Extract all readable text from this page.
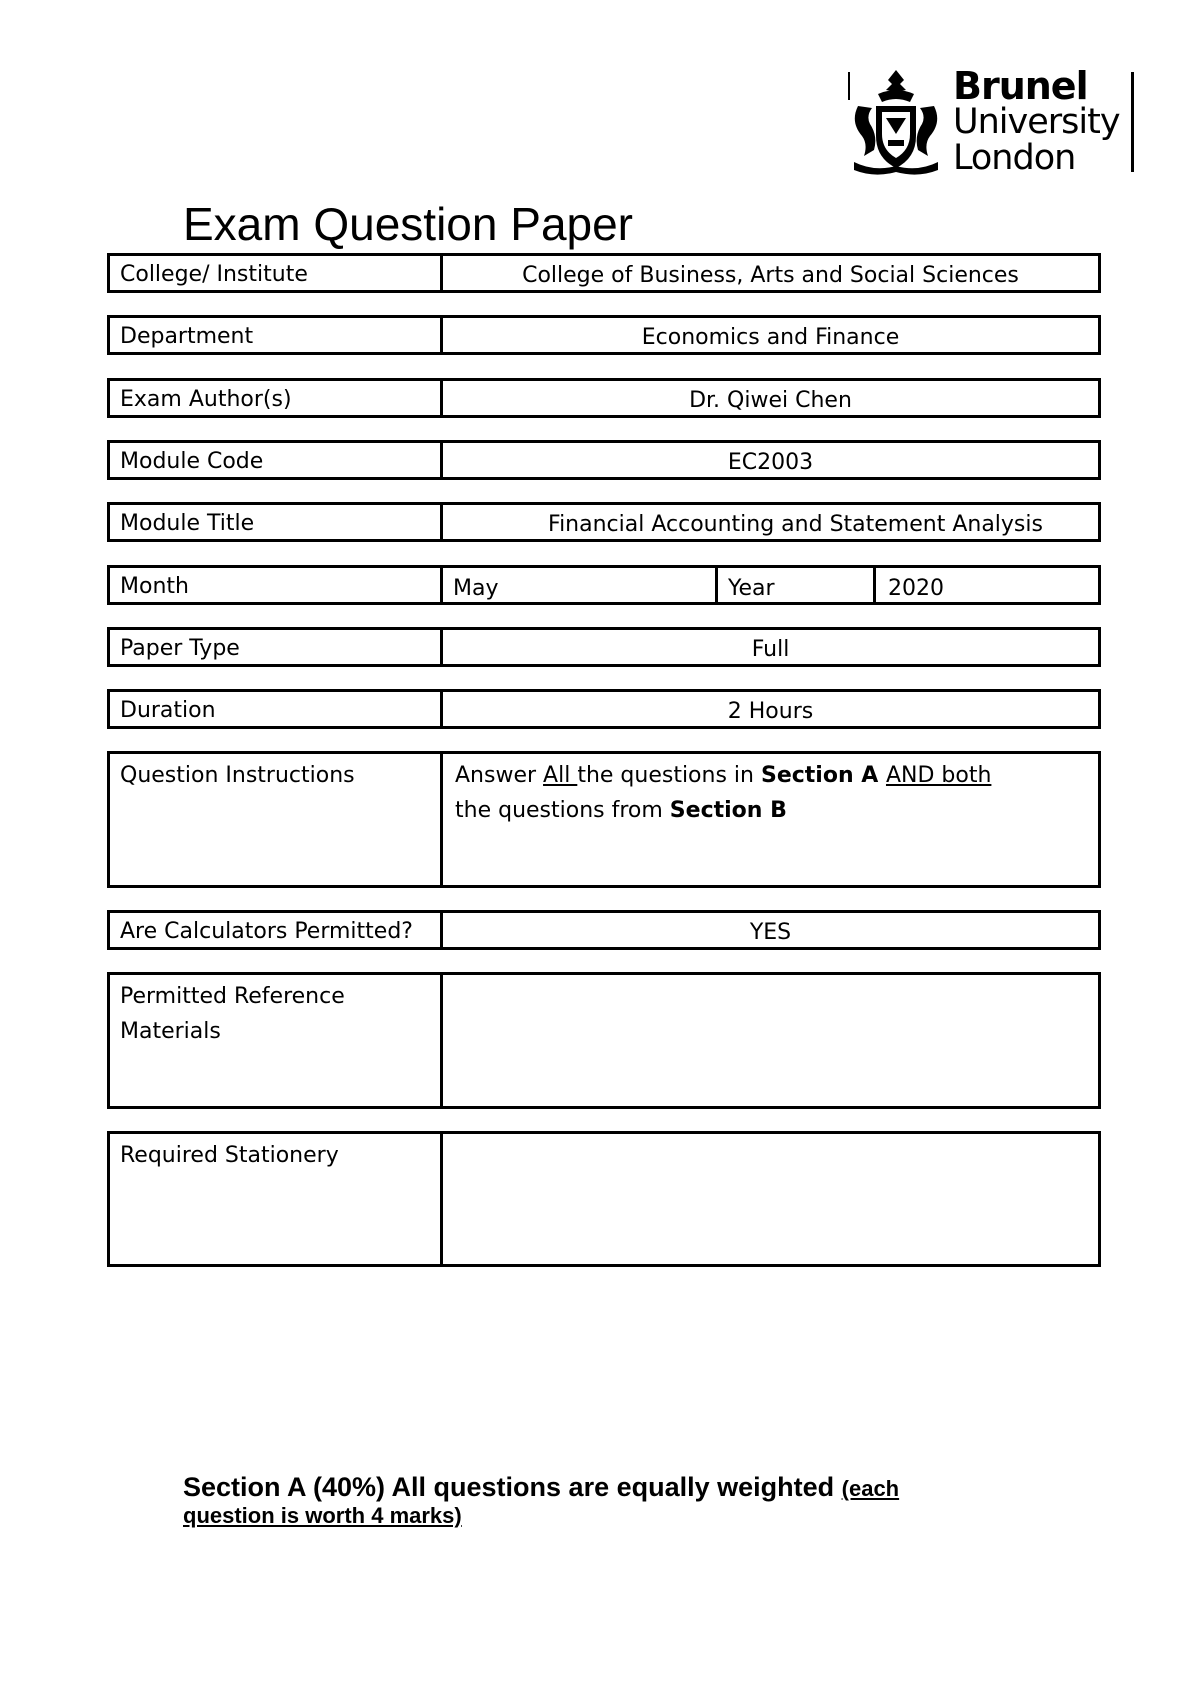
Brunel
University
London
Exam Question Paper
College/ Institute	College of Business, Arts and Social Sciences
Department	Economics and Finance
Exam Author(s)	Dr. Qiwei Chen
Module Code	EC2003
Module Title	Financial Accounting and Statement Analysis
Month	May	Year	2020
Paper Type	Full
Duration	2 Hours
Question Instructions	Answer All the questions in Section A AND both
the questions from Section B
Are Calculators Permitted?	YES
Permitted Reference
Materials
Required Stationery
Section A (40%) All questions are equally weighted (each
question is worth 4 marks)
